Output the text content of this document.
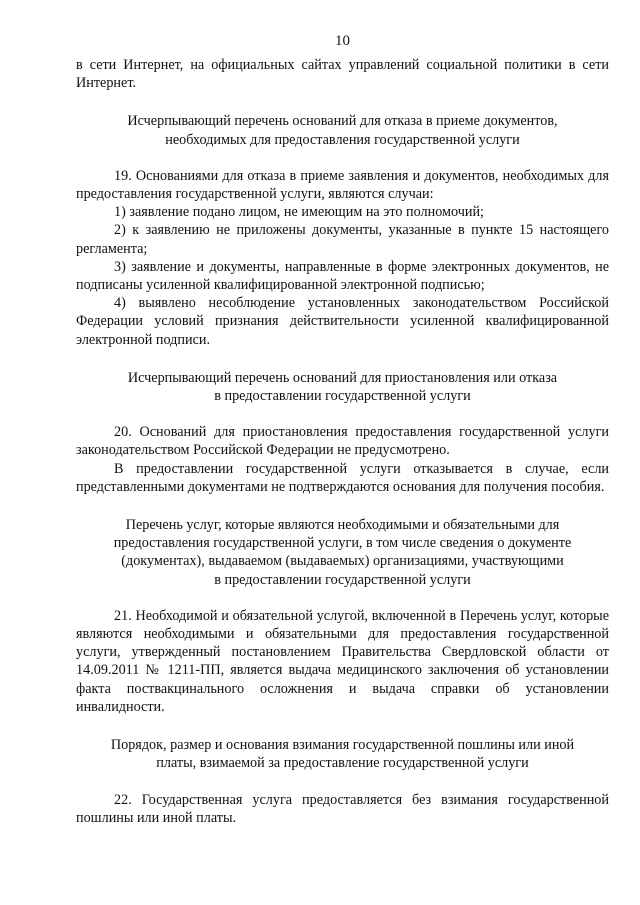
10

в сети Интернет, на официальных сайтах управлений социальной политики в сети Интернет.

Исчерпывающий перечень оснований для отказа в приеме документов,

необходимых для предоставления государственной услуги

19. Основаниями для отказа в приеме заявления и документов, необходимых для предоставления государственной услуги, являются случаи:

1) заявление подано лицом, не имеющим на это полномочий;

2) к заявлению не приложены документы, указанные в пункте 15 настоящего регламента;

3) заявление и документы, направленные в форме электронных документов, не подписаны усиленной квалифицированной электронной подписью;

4) выявлено несоблюдение установленных законодательством Российской Федерации условий признания действительности усиленной квалифицированной электронной подписи.

Исчерпывающий перечень оснований для приостановления или отказа

в предоставлении государственной услуги

20. Оснований для приостановления предоставления государственной услуги законодательством Российской Федерации не предусмотрено.

В предоставлении государственной услуги отказывается в случае, если представленными документами не подтверждаются основания для получения пособия.

Перечень услуг, которые являются необходимыми и обязательными для

предоставления государственной услуги, в том числе сведения о документе

(документах), выдаваемом (выдаваемых) организациями, участвующими

в предоставлении государственной услуги

21. Необходимой и обязательной услугой, включенной в Перечень услуг, которые являются необходимыми и обязательными для предоставления государственной услуги, утвержденный постановлением Правительства Свердловской области от 14.09.2011 № 1211-ПП, является выдача медицинского заключения об установлении факта поствакцинального осложнения и выдача справки об установлении инвалидности.

Порядок, размер и основания взимания государственной пошлины или иной

платы, взимаемой за предоставление государственной услуги

22. Государственная услуга предоставляется без взимания государственной пошлины или иной платы.
